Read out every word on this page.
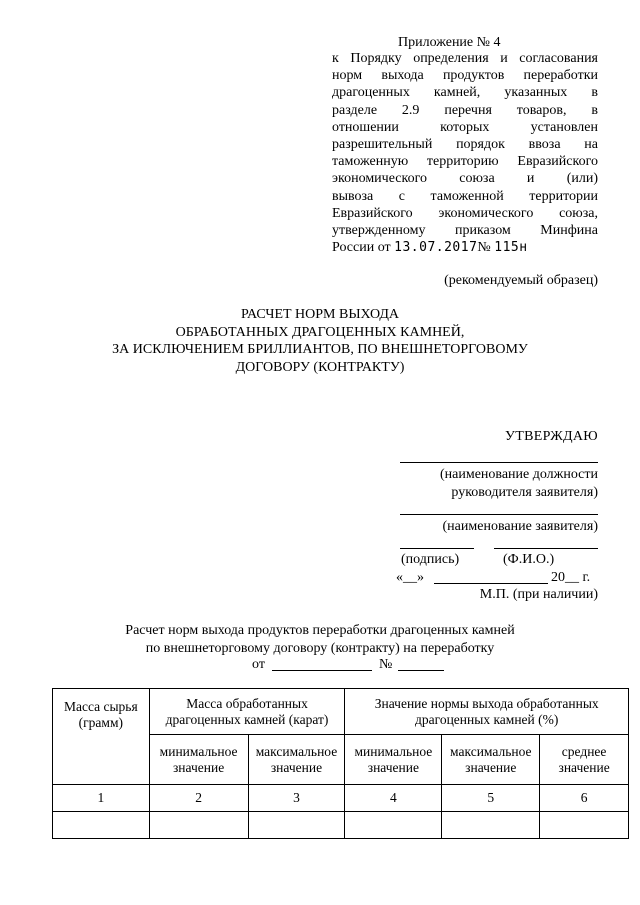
Приложение № 4
к Порядку определения и согласования
норм выхода продуктов переработки
драгоценных камней, указанных в
разделе 2.9 перечня товаров, в
отношении которых установлен
разрешительный порядок ввоза на
таможенную территорию Евразийского
экономического союза и (или)
вывоза с таможенной территории
Евразийского экономического союза,
утвержденному приказом Минфина
России от 13.07.2017№ 115н
(рекомендуемый образец)
РАСЧЕТ НОРМ ВЫХОДА
ОБРАБОТАННЫХ ДРАГОЦЕННЫХ КАМНЕЙ,
ЗА ИСКЛЮЧЕНИЕМ БРИЛЛИАНТОВ, ПО ВНЕШНЕТОРГОВОМУ
ДОГОВОРУ (КОНТРАКТУ)
УТВЕРЖДАЮ
(наименование должности
руководителя заявителя)
(наименование заявителя)
(подпись)	(Ф.И.О.)
«__»	20__ г.
М.П. (при наличии)
Расчет норм выхода продуктов переработки драгоценных камней
по внешнеторговому договору (контракту) на переработку
от	№
Масса сырья (грамм)	Масса обработанных драгоценных камней (карат)		Значение нормы выхода обработанных драгоценных камней (%)		
	минимальное значение	максимальное значение	минимальное значение	максимальное значение	среднее значение
1	2	3	4	5	6
